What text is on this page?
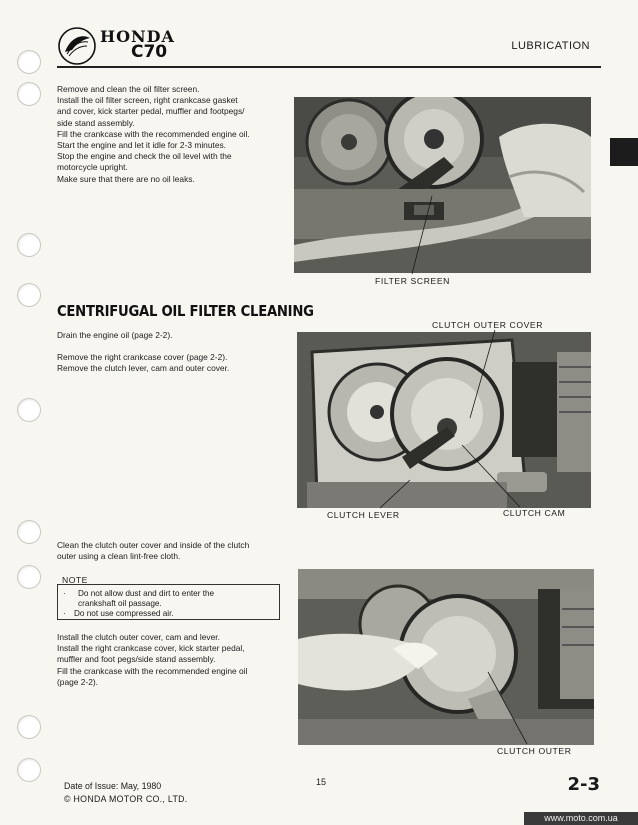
HONDA
C70	LUBRICATION
Remove and clean the oil filter screen.
Install the oil filter screen, right crankcase gasket
and cover, kick starter pedal, muffler and footpegs/
side stand assembly.
Fill the crankcase with the recommended engine oil.
Start the engine and let it idle for 2-3 minutes.
Stop the engine and check the oil level with the
motorcycle upright.
Make sure that there are no oil leaks.
FILTER SCREEN
CENTRIFUGAL OIL FILTER CLEANING
Drain the engine oil (page 2-2).
Remove the right crankcase cover (page 2-2).
Remove the clutch lever, cam and outer cover.
CLUTCH OUTER COVER
CLUTCH LEVER	CLUTCH CAM
Clean the clutch outer cover and inside of the clutch
outer using a clean lint-free cloth.
NOTE
· Do not allow dust and dirt to enter the
crankshaft oil passage.
· Do not use compressed air.
Install the clutch outer cover, cam and lever.
Install the right crankcase cover, kick starter pedal,
muffler and foot pegs/side stand assembly.
Fill the crankcase with the recommended engine oil
(page 2-2).
CLUTCH OUTER
Date of Issue: May, 1980
© HONDA MOTOR CO., LTD.
15	2-3
www.moto.com.ua
